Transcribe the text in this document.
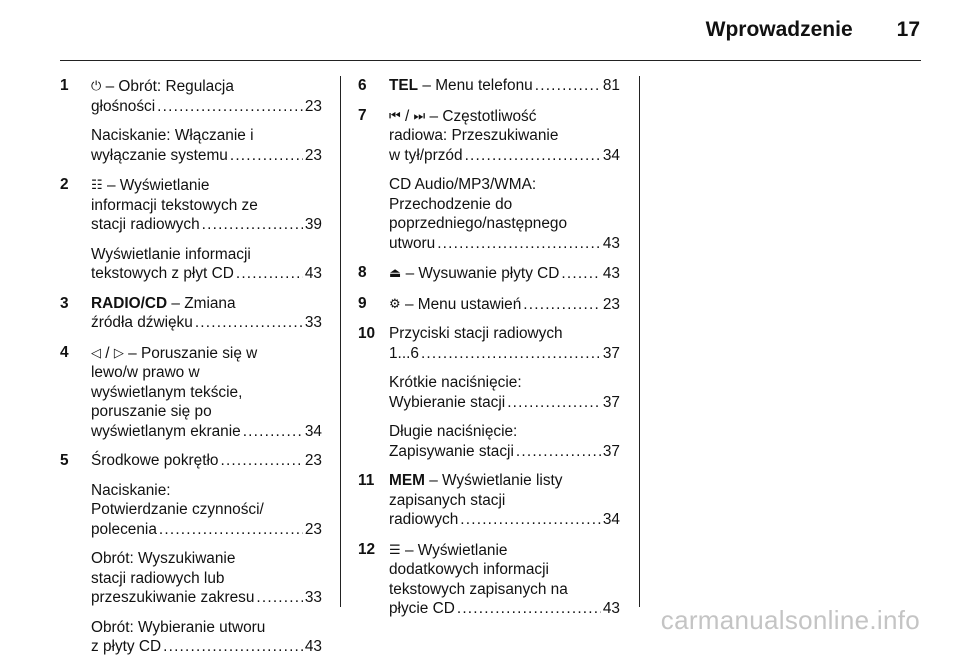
Wprowadzenie 17
1	⏻ – Obrót: Regulacja
głośności .....	23
Naciskanie: Włączanie i
wyłączanie systemu .....	23
2	☷ – Wyświetlanie
informacji tekstowych ze
stacji radiowych .....	39
Wyświetlanie informacji
tekstowych z płyt CD .....	43
3	RADIO/CD – Zmiana
źródła dźwięku .....	33
4	◁ / ▷ – Poruszanie się w
lewo/w prawo w
wyświetlanym tekście,
poruszanie się po
wyświetlanym ekranie .....	34
5	Środkowe pokrętło .....	23
Naciskanie:
Potwierdzanie czynności/
polecenia .....	23
Obrót: Wyszukiwanie
stacji radiowych lub
przeszukiwanie zakresu .....	33
Obrót: Wybieranie utworu
z płyty CD .....	43
6	TEL – Menu telefonu .....	81
7	⏮ / ⏭ – Częstotliwość
radiowa: Przeszukiwanie
w tył/przód .....	34
CD Audio/MP3/WMA:
Przechodzenie do
poprzedniego/następnego
utworu .....	43
8	⏏ – Wysuwanie płyty CD .....	43
9	⚙ – Menu ustawień .....	23
10 Przyciski stacji radiowych
1...6 .....	37
Krótkie naciśnięcie:
Wybieranie stacji .....	37
Długie naciśnięcie:
Zapisywanie stacji .....	37
11 MEM – Wyświetlanie listy
zapisanych stacji
radiowych .....	34
12	☰ – Wyświetlanie
dodatkowych informacji
tekstowych zapisanych na
płycie CD .....	43 carmanualsonline.info
